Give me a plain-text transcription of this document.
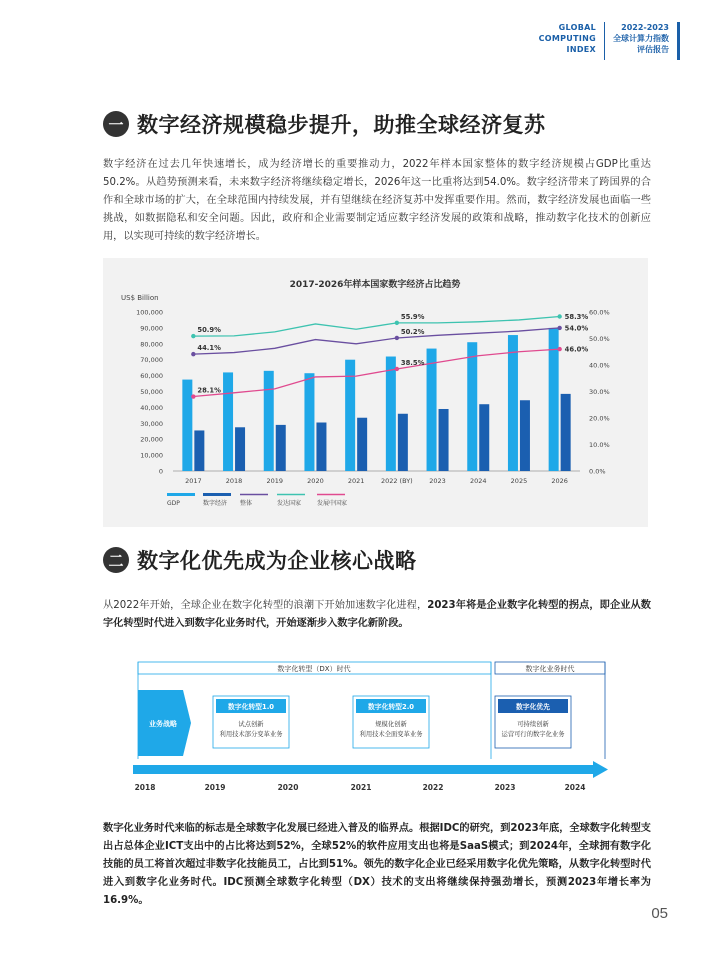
GLOBAL
COMPUTING
INDEX
2022-2023
全球计算力指数
评估报告
一 数字经济规模稳步提升，助推全球经济复苏
数字经济在过去几年快速增长，成为经济增长的重要推动力，2022年样本国家整体的数字经济规模占GDP比重达50.2%。从趋势预测来看，未来数字经济将继续稳定增长，2026年这一比重将达到54.0%。数字经济带来了跨国界的合作和全球市场的扩大，在全球范围内持续发展，并有望继续在经济复苏中发挥重要作用。然而，数字经济发展也面临一些挑战，如数据隐私和安全问题。因此，政府和企业需要制定适应数字经济发展的政策和战略，推动数字化技术的创新应用，以实现可持续的数字经济增长。
2017-2026年样本国家数字经济占比趋势
US$ Billion
0
10,000
20,000
30,000
40,000
50,000
60,000
70,000
80,000
90,000
100,000
0.0%
10.0%
20.0%
30.0%
40.0%
50.0%
60.0%
50.9%
44.1%
28.1%
55.9%
50.2%
38.5%
58.3%
54.0%
46.0%
2017	2018	2019	2020	2021	2022 (BY)	2023	2024	2025	2026
GDP	数字经济 整体	发达国家	发展中国家
二 数字化优先成为企业核心战略
从2022年开始，全球企业在数字化转型的浪潮下开始加速数字化进程，2023年将是企业数字化转型的拐点，即企业从数字化转型时代进入到数字化业务时代，开始逐渐步入数字化新阶段。
数字化转型（DX）时代	数字化业务时代
业务战略
数字化转型1.0
试点创新
利用技术部分变革业务
数字化转型2.0
规模化创新
利用技术全面变革业务
数字化优先
可持续创新
运营可行的数字化业务
2018	2019	2020	2021	2022	2023	2024
数字化业务时代来临的标志是全球数字化发展已经进入普及的临界点。根据IDC的研究，到2023年底，全球数字化转型支出占总体企业ICT支出中的占比将达到52%，全球52%的软件应用支出也将是SaaS模式；到2024年，全球拥有数字化技能的员工将首次超过非数字化技能员工，占比到51%。领先的数字化企业已经采用数字化优先策略，从数字化转型时代进入到数字化业务时代。IDC预测全球数字化转型（DX）技术的支出将继续保持强劲增长，预测2023年增长率为16.9%。
05
